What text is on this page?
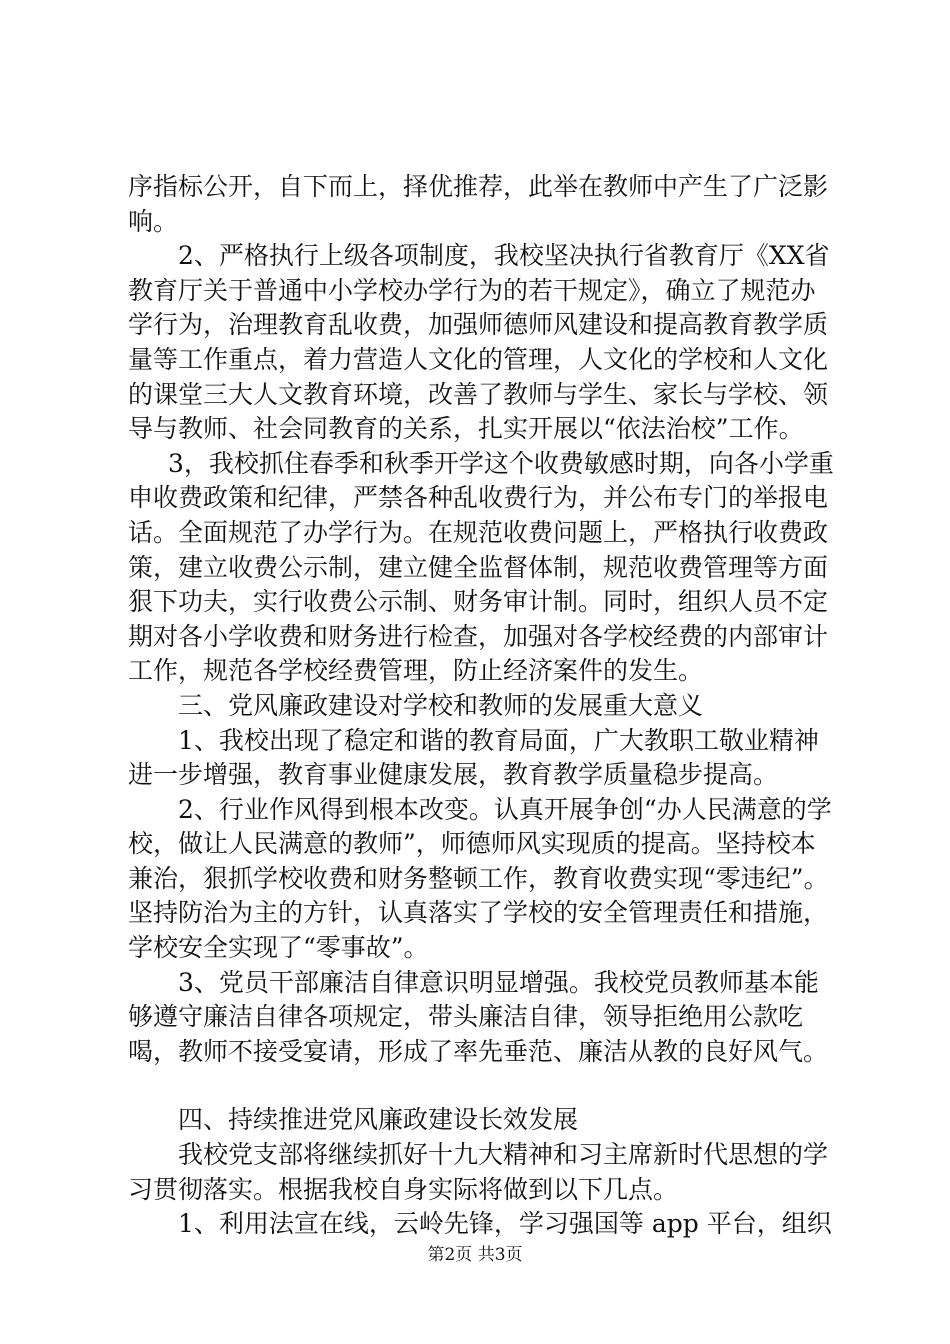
序指标公开，自下而上，择优推荐，此举在教师中产生了广泛影响。

2、严格执行上级各项制度，我校坚决执行省教育厅《XX省教育厅关于普通中小学校办学行为的若干规定》，确立了规范办学行为，治理教育乱收费，加强师德师风建设和提高教育教学质量等工作重点，着力营造人文化的管理，人文化的学校和人文化的课堂三大人文教育环境，改善了教师与学生、家长与学校、领导与教师、社会同教育的关系，扎实开展以“依法治校”工作。

3，我校抓住春季和秋季开学这个收费敏感时期，向各小学重申收费政策和纪律，严禁各种乱收费行为，并公布专门的举报电话。全面规范了办学行为。在规范收费问题上，严格执行收费政策，建立收费公示制，建立健全监督体制，规范收费管理等方面狠下功夫，实行收费公示制、财务审计制。同时，组织人员不定期对各小学收费和财务进行检查，加强对各学校经费的内部审计工作，规范各学校经费管理，防止经济案件的发生。

三、党风廉政建设对学校和教师的发展重大意义

1、我校出现了稳定和谐的教育局面，广大教职工敬业精神进一步增强，教育事业健康发展，教育教学质量稳步提高。

2、行业作风得到根本改变。认真开展争创“办人民满意的学校，做让人民满意的教师”，师德师风实现质的提高。坚持校本兼治，狠抓学校收费和财务整顿工作，教育收费实现“零违纪”。坚持防治为主的方针，认真落实了学校的安全管理责任和措施，学校安全实现了“零事故”。

3、党员干部廉洁自律意识明显增强。我校党员教师基本能够遵守廉洁自律各项规定，带头廉洁自律，领导拒绝用公款吃喝，教师不接受宴请，形成了率先垂范、廉洁从教的良好风气。

四、持续推进党风廉政建设长效发展

我校党支部将继续抓好十九大精神和习主席新时代思想的学习贯彻落实。根据我校自身实际将做到以下几点。

1、利用法宣在线，云岭先锋，学习强国等 app 平台，组织

第2页 共3页
